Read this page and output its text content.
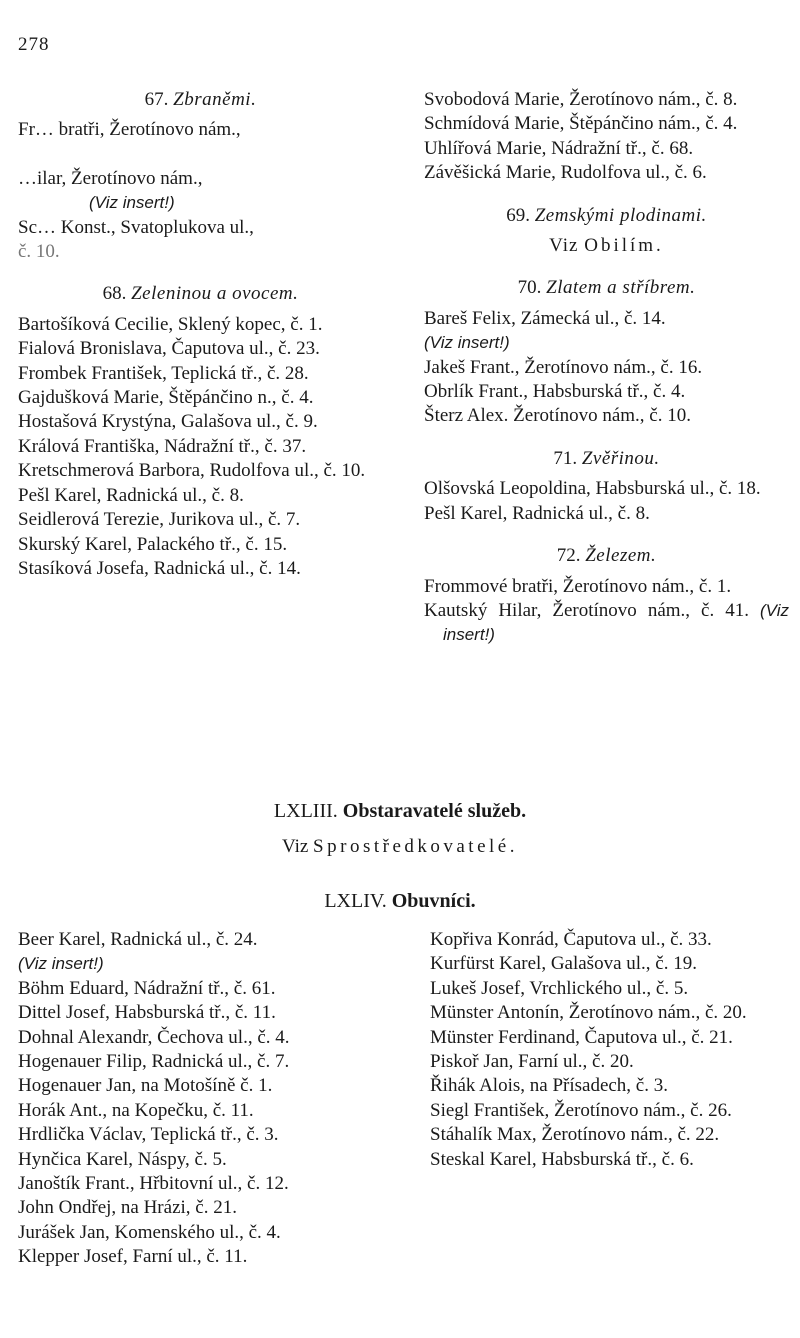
278
67. Zbraněmi.
Fr… bratři, Žerotínovo nám.,
…ilar, Žerotínovo nám.,
(Viz insert!)
Sc… Konst., Svatoplukova ul.,
č. 10.
68. Zeleninou a ovocem.
Bartošíková Cecilie, Sklený kopec, č. 1.
Fialová Bronislava, Čaputova ul., č. 23.
Frombek František, Teplická tř., č. 28.
Gajdušková Marie, Štěpánčino n., č. 4.
Hostašová Krystýna, Galašova ul., č. 9.
Králová Františka, Nádražní tř., č. 37.
Kretschmerová Barbora, Rudolfova ul., č. 10.
Pešl Karel, Radnická ul., č. 8.
Seidlerová Terezie, Jurikova ul., č. 7.
Skurský Karel, Palackého tř., č. 15.
Stasíková Josefa, Radnická ul., č. 14.
Svobodová Marie, Žerotínovo nám., č. 8.
Schmídová Marie, Štěpánčino nám., č. 4.
Uhlířová Marie, Nádražní tř., č. 68.
Závěšická Marie, Rudolfova ul., č. 6.
69. Zemskými plodinami.
Viz Obilím.
70. Zlatem a stříbrem.
Bareš Felix, Zámecká ul., č. 14.
(Viz insert!)
Jakeš Frant., Žerotínovo nám., č. 16.
Obrlík Frant., Habsburská tř., č. 4.
Šterz Alex. Žerotínovo nám., č. 10.
71. Zvěřinou.
Olšovská Leopoldina, Habsburská ul., č. 18.
Pešl Karel, Radnická ul., č. 8.
72. Železem.
Frommové bratři, Žerotínovo nám., č. 1.
Kautský Hilar, Žerotínovo nám., č. 41. (Viz insert!)
LXLIII. Obstaravatelé služeb.
Viz Sprostředkovatelé.
LXLIV. Obuvníci.
Beer Karel, Radnická ul., č. 24.
(Viz insert!)
Böhm Eduard, Nádražní tř., č. 61.
Dittel Josef, Habsburská tř., č. 11.
Dohnal Alexandr, Čechova ul., č. 4.
Hogenauer Filip, Radnická ul., č. 7.
Hogenauer Jan, na Motošíně č. 1.
Horák Ant., na Kopečku, č. 11.
Hrdlička Václav, Teplická tř., č. 3.
Hynčica Karel, Náspy, č. 5.
Janoštík Frant., Hřbitovní ul., č. 12.
John Ondřej, na Hrázi, č. 21.
Jurášek Jan, Komenského ul., č. 4.
Klepper Josef, Farní ul., č. 11.
Kopřiva Konrád, Čaputova ul., č. 33.
Kurfürst Karel, Galašova ul., č. 19.
Lukeš Josef, Vrchlického ul., č. 5.
Münster Antonín, Žerotínovo nám., č. 20.
Münster Ferdinand, Čaputova ul., č. 21.
Piskoř Jan, Farní ul., č. 20.
Řihák Alois, na Přísadech, č. 3.
Siegl František, Žerotínovo nám., č. 26.
Stáhalík Max, Žerotínovo nám., č. 22.
Steskal Karel, Habsburská tř., č. 6.
